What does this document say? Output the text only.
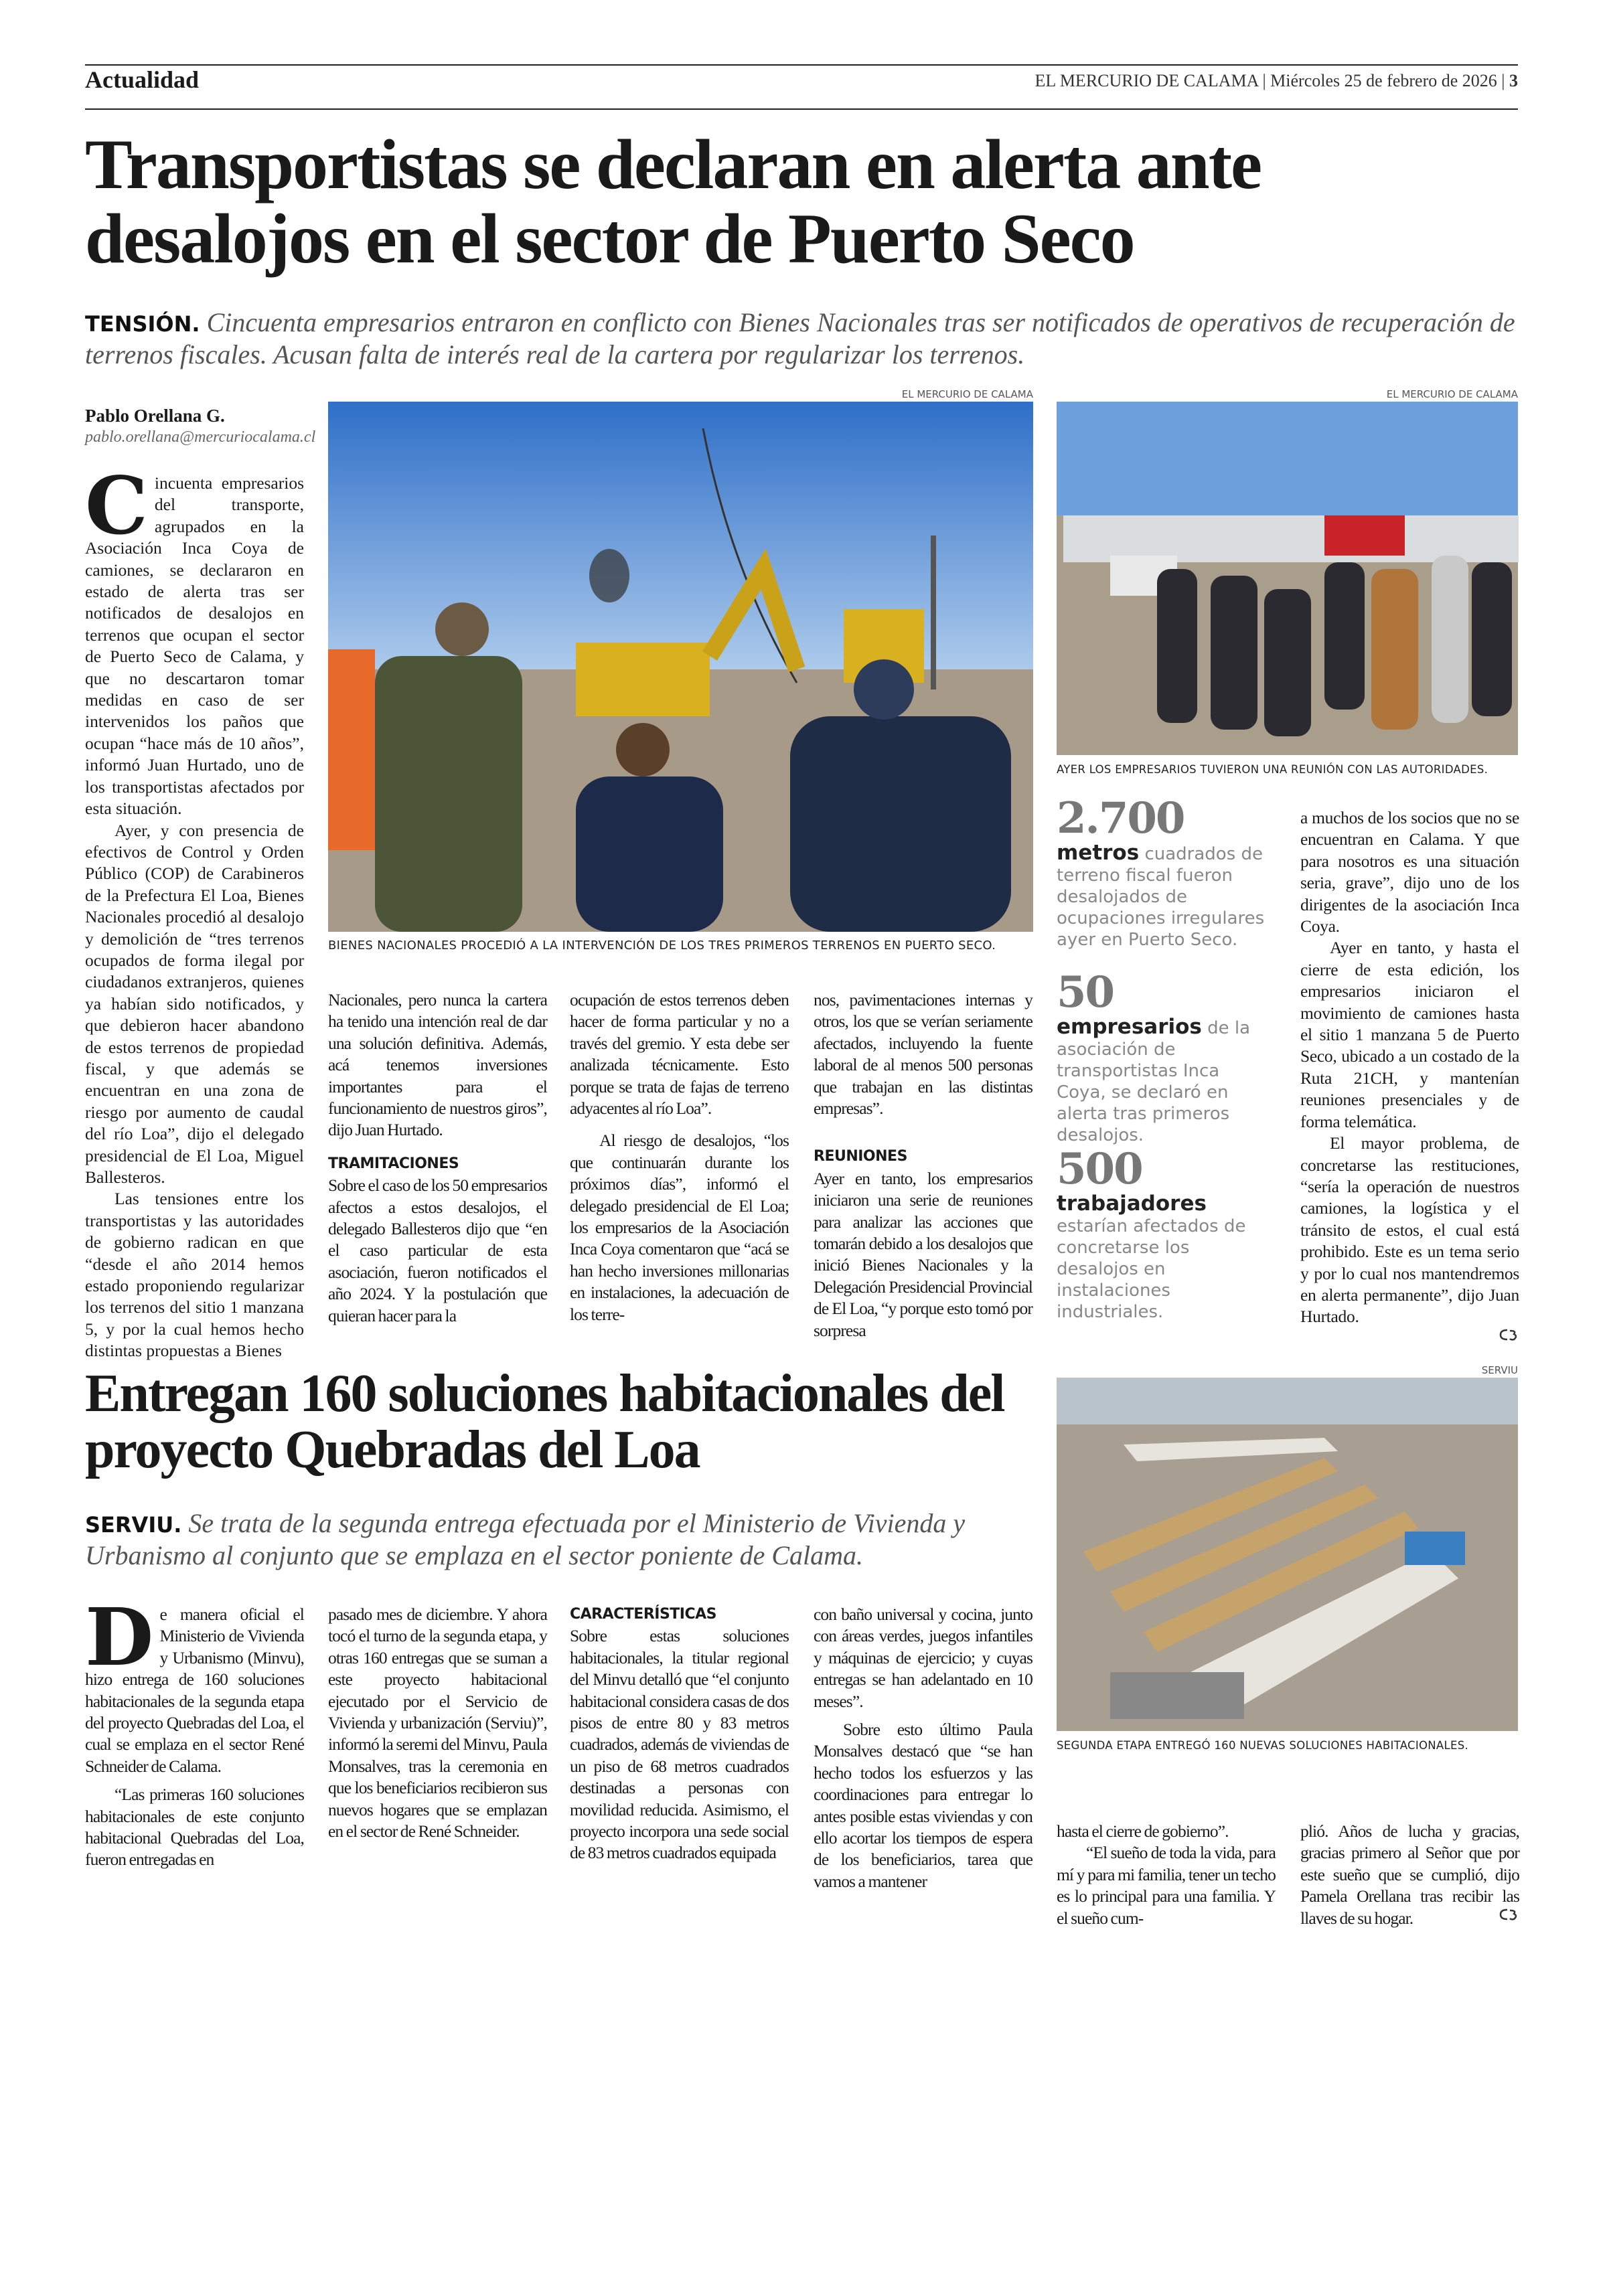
Actualidad	EL MERCURIO DE CALAMA | Miércoles 25 de febrero de 2026 | 3
Transportistas se declaran en alerta ante desalojos en el sector de Puerto Seco
TENSIÓN. Cincuenta empresarios entraron en conflicto con Bienes Nacionales tras ser notificados de operativos de recuperación de terrenos fiscales. Acusan falta de interés real de la cartera por regularizar los terrenos.
Pablo Orellana G.
pablo.orellana@mercuriocalama.cl
EL MERCURIO DE CALAMA
BIENES NACIONALES PROCEDIÓ A LA INTERVENCIÓN DE LOS TRES PRIMEROS TERRENOS EN PUERTO SECO.
EL MERCURIO DE CALAMA
AYER LOS EMPRESARIOS TUVIERON UNA REUNIÓN CON LAS AUTORIDADES.
C incuenta empresarios del transporte, agrupados en la Asociación Inca Coya de camiones, se declararon en estado de alerta tras ser notificados de desalojos en terrenos que ocupan el sector de Puerto Seco de Calama, y que no descartaron tomar medidas en caso de ser intervenidos los paños que ocupan “hace más de 10 años”, informó Juan Hurtado, uno de los transportistas afectados por esta situación.

Ayer, y con presencia de efectivos de Control y Orden Público (COP) de Carabineros de la Prefectura El Loa, Bienes Nacionales procedió al desalojo y demolición de “tres terrenos ocupados de forma ilegal por ciudadanos extranjeros, quienes ya habían sido notificados, y que debieron hacer abandono de estos terrenos de propiedad fiscal, y que además se encuentran en una zona de riesgo por aumento de caudal del río Loa”, dijo el delegado presidencial de El Loa, Miguel Ballesteros.

Las tensiones entre los transportistas y las autoridades de gobierno radican en que “desde el año 2014 hemos estado proponiendo regularizar los terrenos del sitio 1 manzana 5, y por la cual hemos hecho distintas propuestas a Bienes

Nacionales, pero nunca la cartera ha tenido una intención real de dar una solución definitiva. Además, acá tenemos inversiones importantes para el funcionamiento de nuestros giros”, dijo Juan Hurtado.

TRAMITACIONES

Sobre el caso de los 50 empresarios afectos a estos desalojos, el delegado Ballesteros dijo que “en el caso particular de esta asociación, fueron notificados el año 2024. Y la postulación que quieran hacer para la

ocupación de estos terrenos deben hacer de forma particular y no a través del gremio. Y esta debe ser analizada técnicamente. Esto porque se trata de fajas de terreno adyacentes al río Loa”.

Al riesgo de desalojos, “los que continuarán durante los próximos días”, informó el delegado presidencial de El Loa; los empresarios de la Asociación Inca Coya comentaron que “acá se han hecho inversiones millonarias en instalaciones, la adecuación de los terre-

nos, pavimentaciones internas y otros, los que se verían seriamente afectados, incluyendo la fuente laboral de al menos 500 personas que trabajan en las distintas empresas”.

REUNIONES

Ayer en tanto, los empresarios iniciaron una serie de reuniones para analizar las acciones que tomarán debido a los desalojos que inició Bienes Nacionales y la Delegación Presidencial Provincial de El Loa, “y porque esto tomó por sorpresa

2.700
metros cuadrados de terreno fiscal fueron desalojados de ocupaciones irregulares ayer en Puerto Seco.
50
empresarios de la asociación de transportistas Inca Coya, se declaró en alerta tras primeros desalojos.
500
trabajadores estarían afectados de concretarse los desalojos en instalaciones industriales.

a muchos de los socios que no se encuentran en Calama. Y que para nosotros es una situación seria, grave”, dijo uno de los dirigentes de la asociación Inca Coya.

Ayer en tanto, y hasta el cierre de esta edición, los empresarios iniciaron el movimiento de camiones hasta el sitio 1 manzana 5 de Puerto Seco, ubicado a un costado de la Ruta 21CH, y mantenían reuniones presenciales y de forma telemática.

El mayor problema, de concretarse las restituciones, “sería la operación de nuestros camiones, la logística y el tránsito de estos, el cual está prohibido. Este es un tema serio y por lo cual nos mantendremos en alerta permanente”, dijo Juan Hurtado.

Entregan 160 soluciones habitacionales del proyecto Quebradas del Loa
SERVIU. Se trata de la segunda entrega efectuada por el Ministerio de Vivienda y Urbanismo al conjunto que se emplaza en el sector poniente de Calama.
SERVIU
SEGUNDA ETAPA ENTREGÓ 160 NUEVAS SOLUCIONES HABITACIONALES.
D e manera oficial el Ministerio de Vivienda y Urbanismo (Minvu), hizo entrega de 160 soluciones habitacionales de la segunda etapa del proyecto Quebradas del Loa, el cual se emplaza en el sector René Schneider de Calama.

“Las primeras 160 soluciones habitacionales de este conjunto habitacional Quebradas del Loa, fueron entregadas en

pasado mes de diciembre. Y ahora tocó el turno de la segunda etapa, y otras 160 entregas que se suman a este proyecto habitacional ejecutado por el Servicio de Vivienda y urbanización (Serviu)”, informó la seremi del Minvu, Paula Monsalves, tras la ceremonia en que los beneficiarios recibieron sus nuevos hogares que se emplazan en el sector de René Schneider.

CARACTERÍSTICAS

Sobre estas soluciones habitacionales, la titular regional del Minvu detalló que “el conjunto habitacional considera casas de dos pisos de entre 80 y 83 metros cuadrados, además de viviendas de un piso de 68 metros cuadrados destinadas a personas con movilidad reducida. Asimismo, el proyecto incorpora una sede social de 83 metros cuadrados equipada

con baño universal y cocina, junto con áreas verdes, juegos infantiles y máquinas de ejercicio; y cuyas entregas se han adelantado en 10 meses”.

Sobre esto último Paula Monsalves destacó que “se han hecho todos los esfuerzos y las coordinaciones para entregar lo antes posible estas viviendas y con ello acortar los tiempos de espera de los beneficiarios, tarea que vamos a mantener

hasta el cierre de gobierno”.

“El sueño de toda la vida, para mí y para mi familia, tener un techo es lo principal para una familia. Y el sueño cum-

plió. Años de lucha y gracias, gracias primero al Señor que por este sueño que se cumplió, dijo Pamela Orellana tras recibir las llaves de su hogar.
